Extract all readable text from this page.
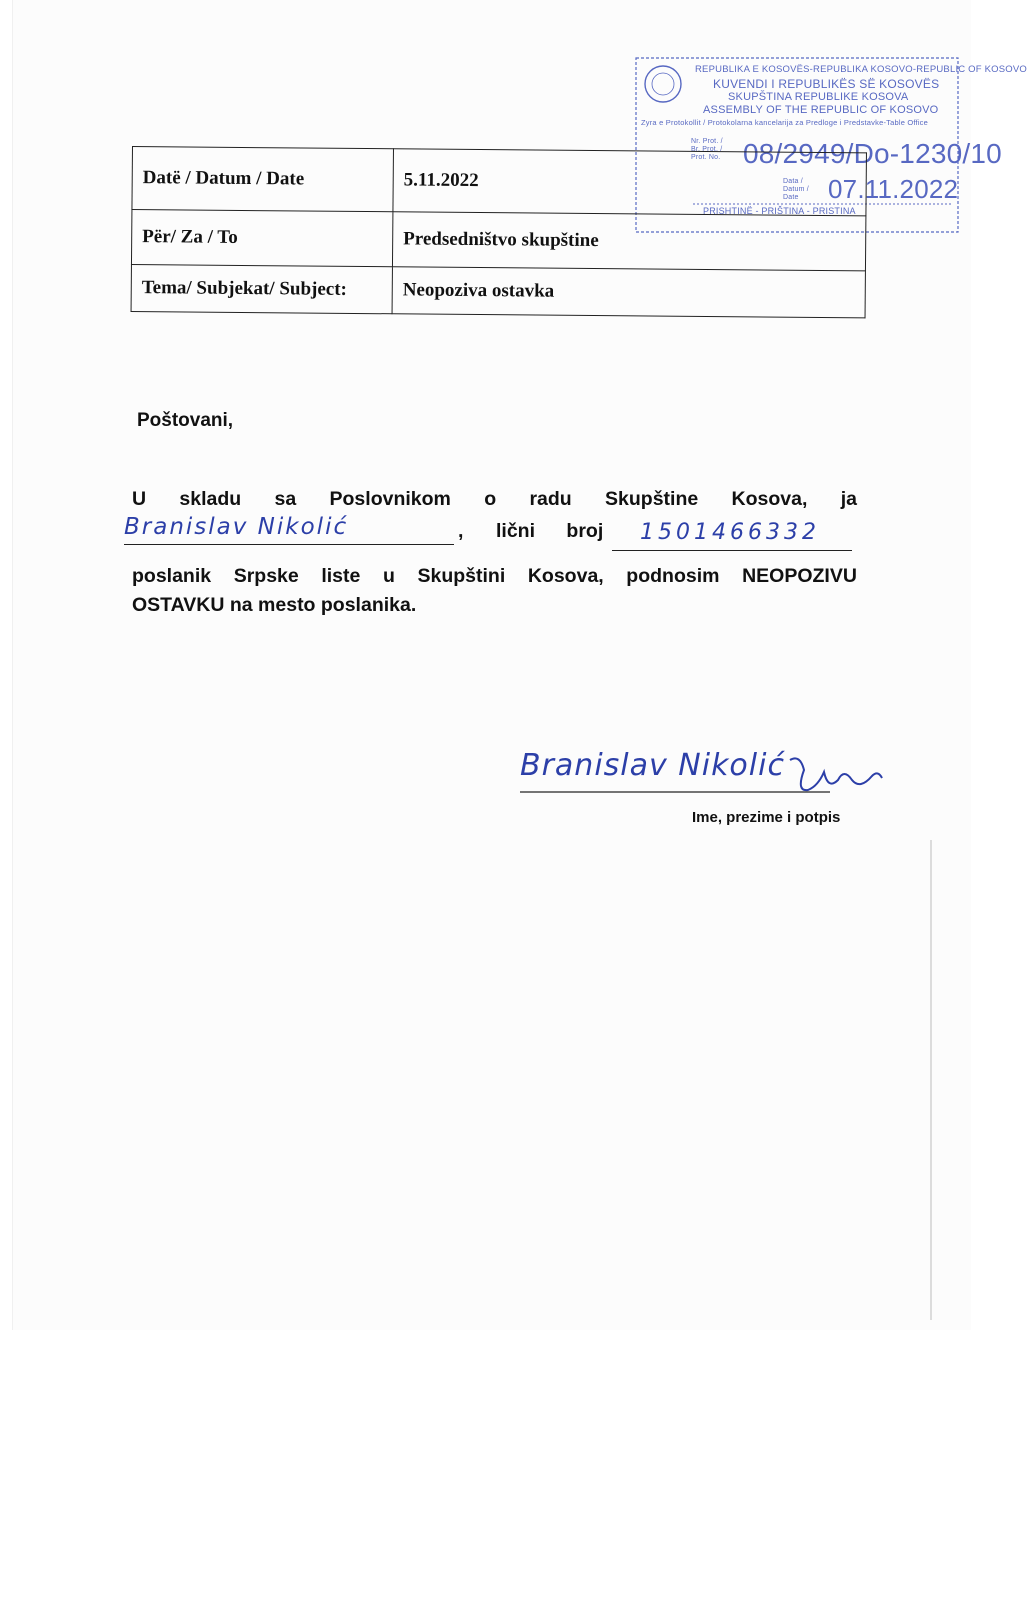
REPUBLIKA E KOSOVËS-REPUBLIKA KOSOVO-REPUBLIC OF KOSOVO
KUVENDI I REPUBLIKËS SË KOSOVËS
SKUPŠTINA REPUBLIKE KOSOVA
ASSEMBLY OF THE REPUBLIC OF KOSOVO
Zyra e Protokollit / Protokolarna kancelarija za Predloge i Predstavke-Table Office
Nr. Prot. / Br. Prot. / Prot. No. 08/2949/Do-1230/10
Data / Datum / Date	07.11.2022
PRISHTINË - PRIŠTINA - PRISTINA
Datë / Datum / Date	5.11.2022
Për/ Za / To	Predsedništvo skupštine
Tema/ Subjekat/ Subject:	Neopoziva ostavka
Poštovani,
U skladu sa Poslovnikom o radu Skupštine Kosova, ja
Branislav Nikolić	, lični broj 1501466332
poslanik Srpske liste u Skupštini Kosova, podnosim NEOPOZIVU
OSTAVKU na mesto poslanika.
Branislav Nikolić
Ime, prezime i potpis
